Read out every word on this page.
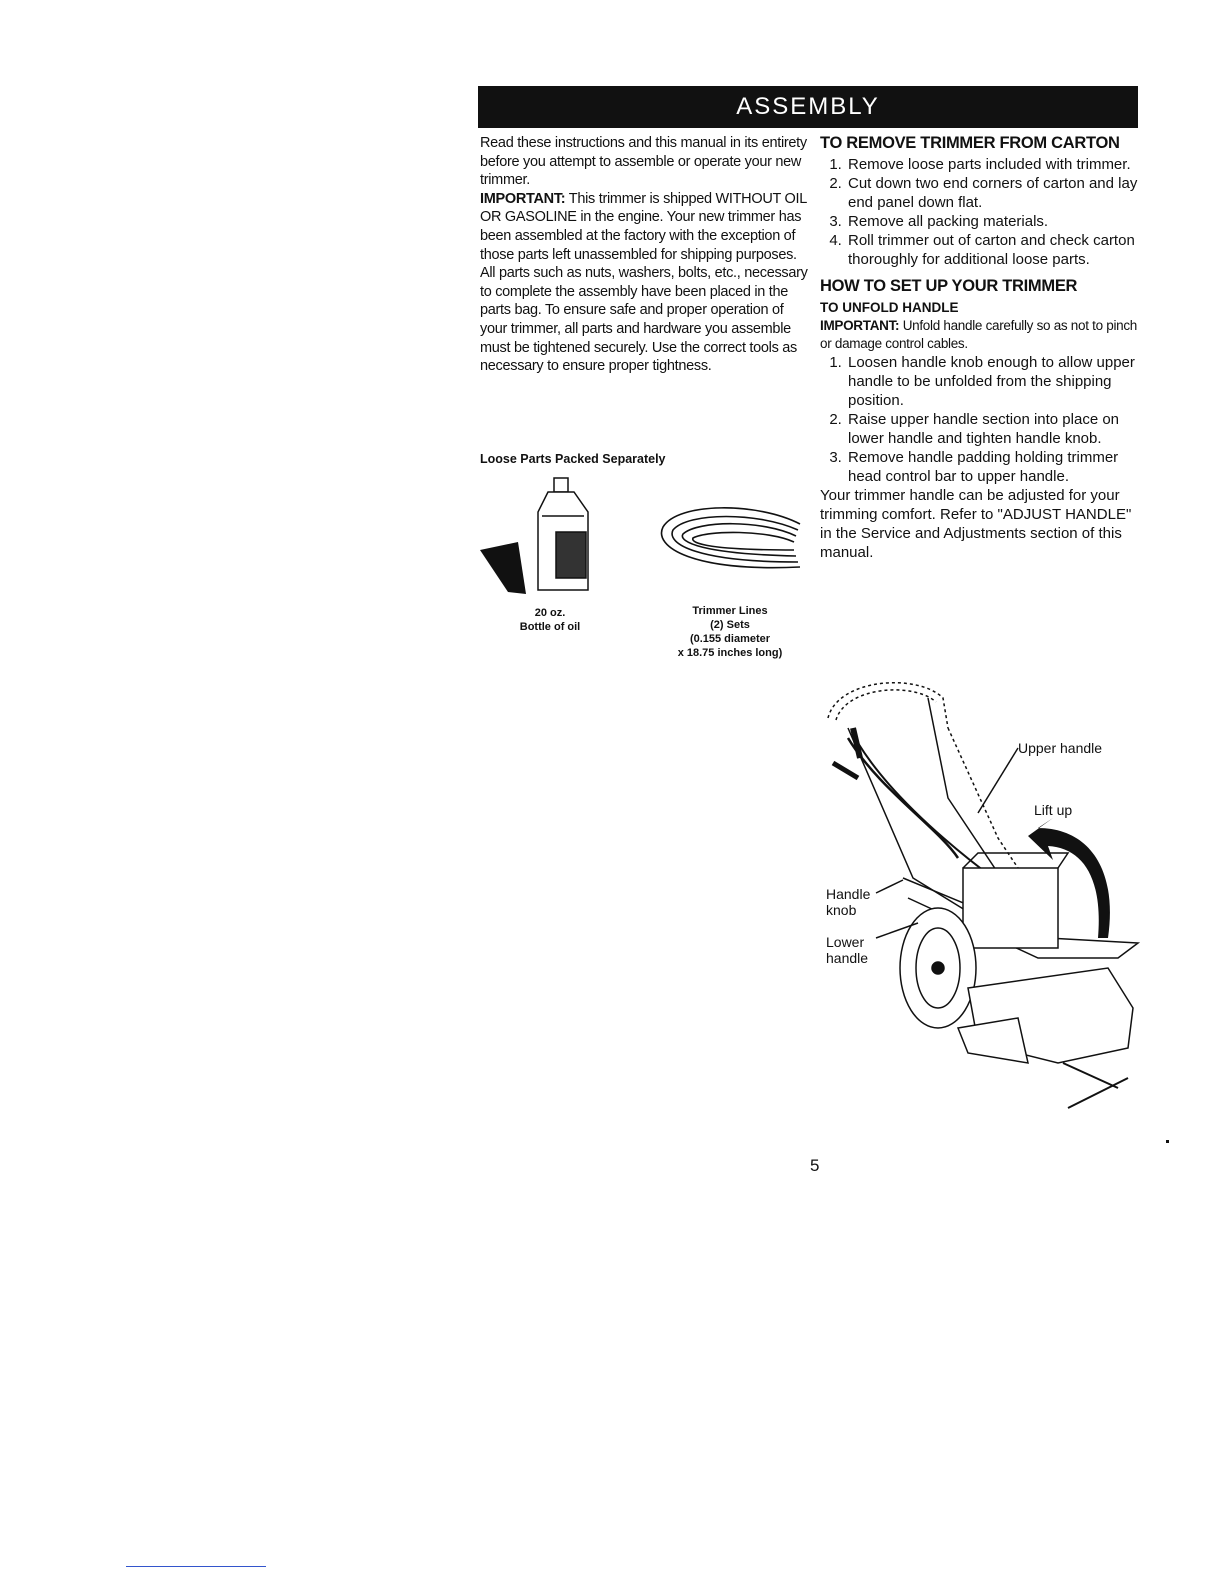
ASSEMBLY

Read these instructions and this manual in its entirety before you attempt to assemble or operate your new trimmer.

IMPORTANT: This trimmer is shipped WITHOUT OIL OR GASOLINE in the engine. Your new trimmer has been assembled at the factory with the exception of those parts left unassembled for shipping purposes. All parts such as nuts, washers, bolts, etc., necessary to complete the assembly have been placed in the parts bag. To ensure safe and proper operation of your trimmer, all parts and hardware you assemble must be tightened securely. Use the correct tools as necessary to ensure proper tightness.

Loose Parts Packed Separately
20 oz.
Bottle of oil
Trimmer Lines
(2) Sets
(0.155 diameter
x 18.75 inches long)
TO REMOVE TRIMMER FROM CARTON
1. Remove loose parts included with trimmer.
2. Cut down two end corners of carton and lay end panel down flat.
3. Remove all packing materials.
4. Roll trimmer out of carton and check carton thoroughly for additional loose parts.
HOW TO SET UP YOUR TRIMMER
TO UNFOLD HANDLE

IMPORTANT: Unfold handle carefully so as not to pinch or damage control cables.

1. Loosen handle knob enough to allow upper handle to be unfolded from the shipping position.
2. Raise upper handle section into place on lower handle and tighten handle knob.
3. Remove handle padding holding trimmer head control bar to upper handle.

Your trimmer handle can be adjusted for your trimming comfort. Refer to "ADJUST HANDLE" in the Service and Adjustments section of this manual.

Upper handle
Lift up
Handle
knob
Lower
handle
5
